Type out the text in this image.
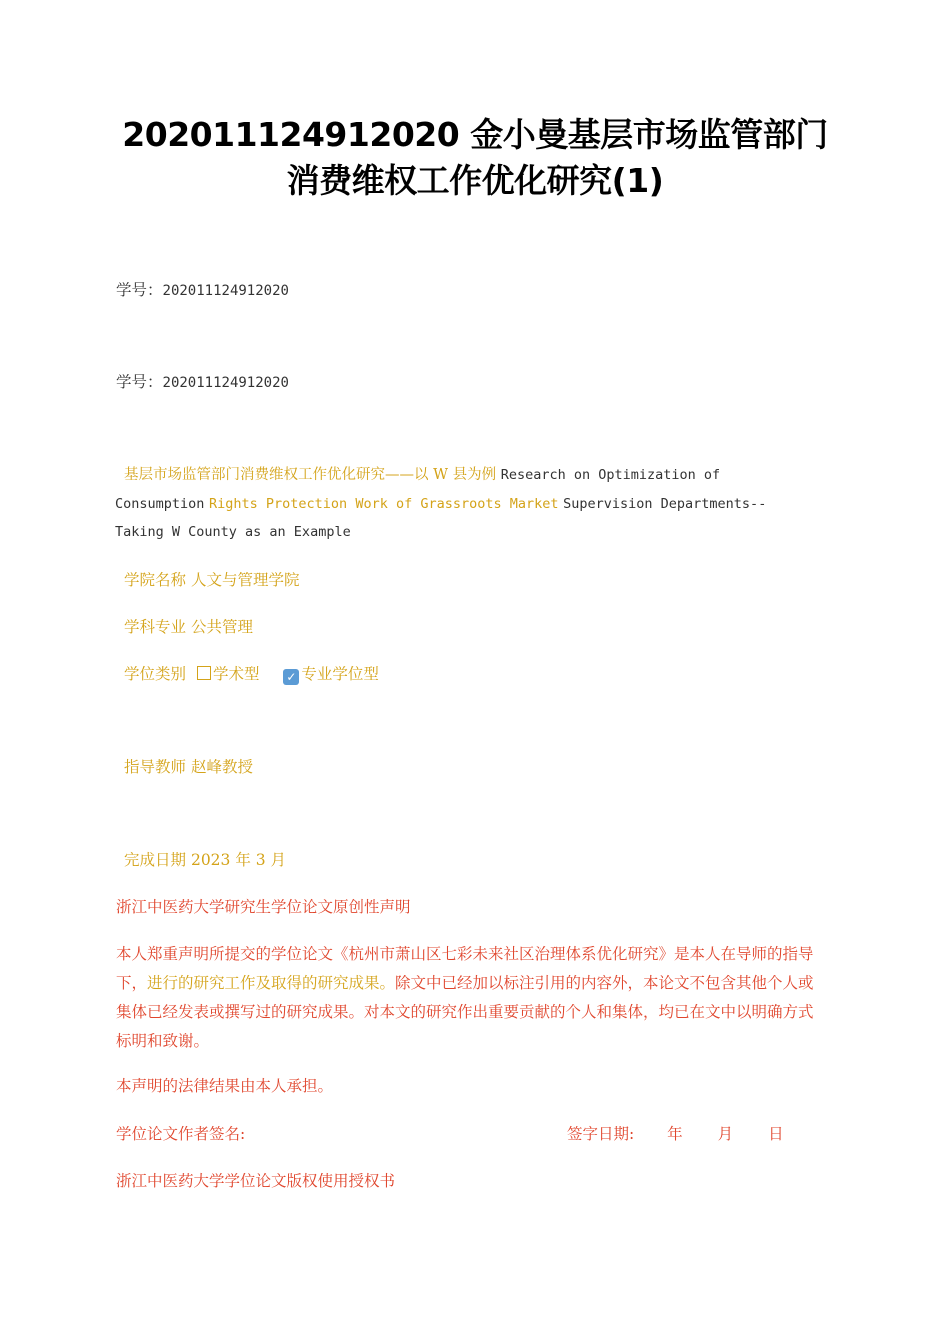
202011124912020 金小曼基层市场监管部门
消费维权工作优化研究(1)
学号：202011124912020
学号：202011124912020
基层市场监管部门消费维权工作优化研究——以 W 县为例 Research on Optimization of
Consumption Rights Protection Work of Grassroots Market Supervision Departments--
Taking W County as an Example
学院名称 人文与管理学院
学科专业 公共管理
学位类别 学术型 ✓ 专业学位型
指导教师 赵峰教授
完成日期 2023 年 3 月
浙江中医药大学研究生学位论文原创性声明
本人郑重声明所提交的学位论文《杭州市萧山区七彩未来社区治理体系优化研究》是本人在导师的指导下，进行的研究工作及取得的研究成果。除文中已经加以标注引用的内容外，本论文不包含其他个人或集体已经发表或撰写过的研究成果。对本文的研究作出重要贡献的个人和集体，均已在文中以明确方式标明和致谢。
本声明的法律结果由本人承担。
学位论文作者签名:	签字日期: 年 月 日
浙江中医药大学学位论文版权使用授权书
